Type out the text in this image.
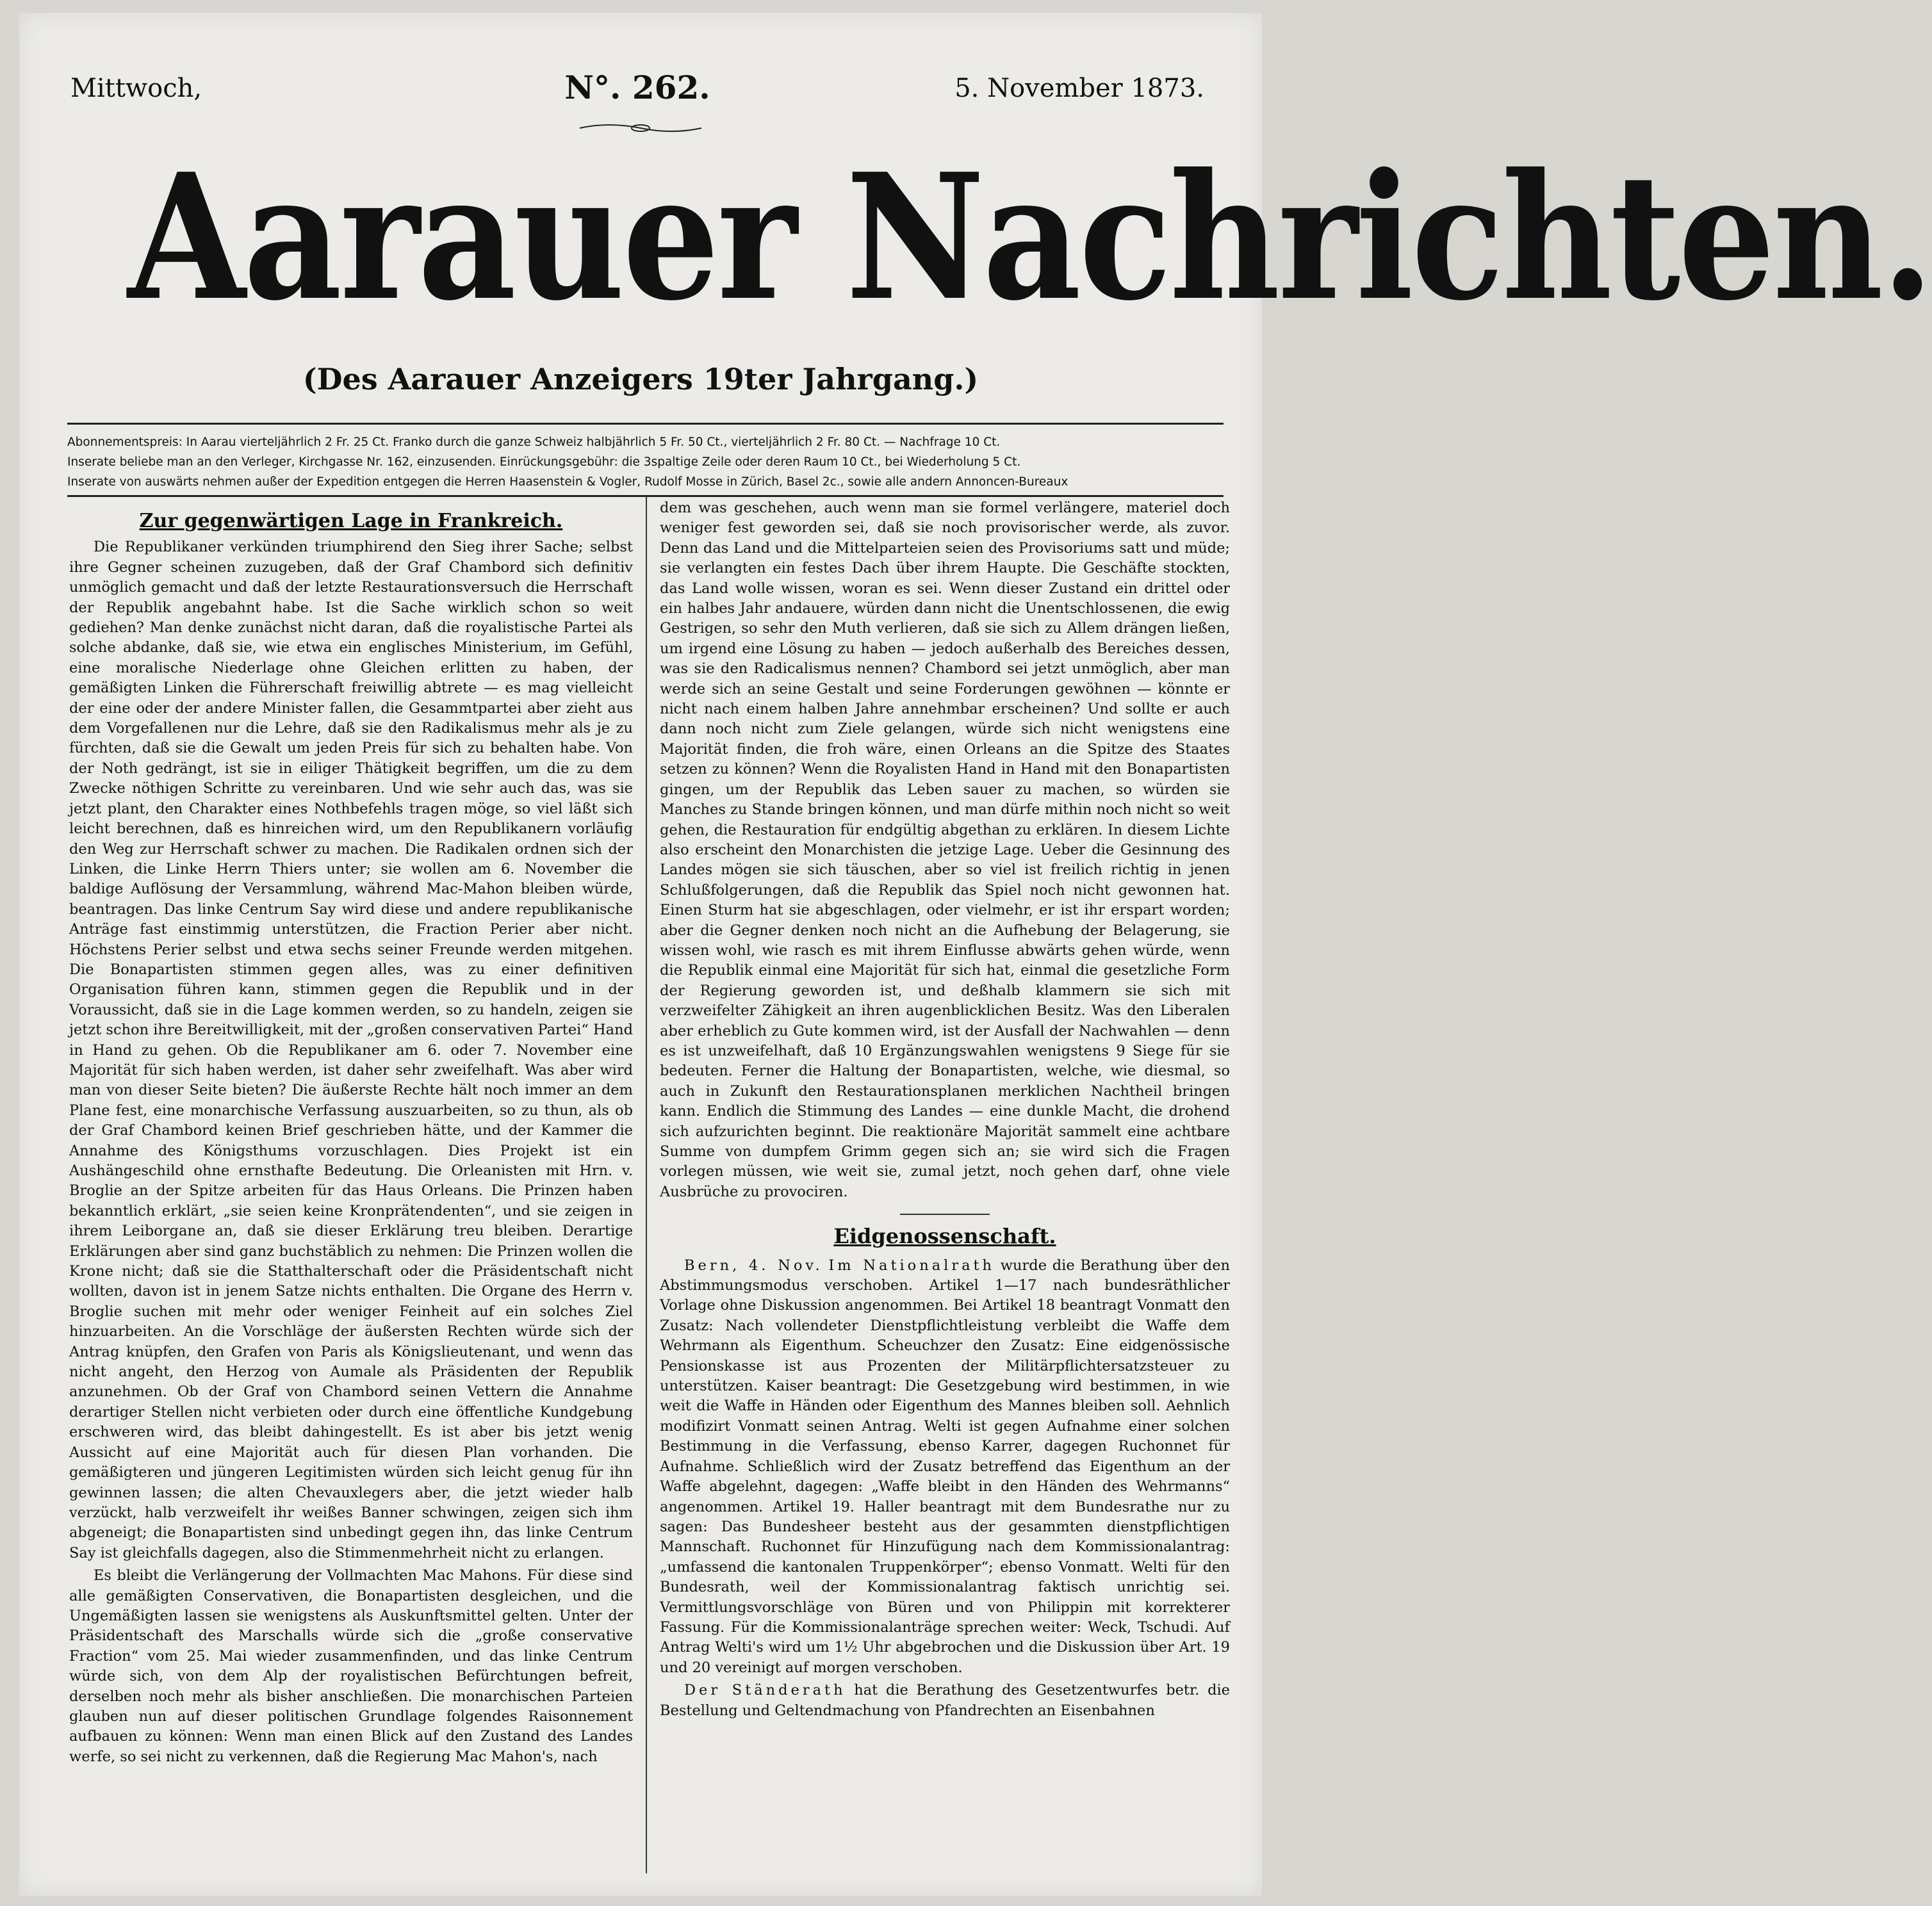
Mittwoch,	N°. 262.	5. November 1873.
Aarauer Nachrichten.
(Des Aarauer Anzeigers 19ter Jahrgang.)
Abonnementspreis: In Aarau vierteljährlich 2 Fr. 25 Ct. Franko durch die ganze Schweiz halbjährlich 5 Fr. 50 Ct., vierteljährlich 2 Fr. 80 Ct. — Nachfrage 10 Ct.
Inserate beliebe man an den Verleger, Kirchgasse Nr. 162, einzusenden. Einrückungsgebühr: die 3spaltige Zeile oder deren Raum 10 Ct., bei Wiederholung 5 Ct.
Inserate von auswärts nehmen außer der Expedition entgegen die Herren Haasenstein & Vogler, Rudolf Mosse in Zürich, Basel 2c., sowie alle andern Annoncen-Bureaux
Zur gegenwärtigen Lage in Frankreich.

Die Republikaner verkünden triumphirend den Sieg ihrer Sache; selbst ihre Gegner scheinen zuzugeben, daß der Graf Chambord sich definitiv unmöglich gemacht und daß der letzte Restaurationsversuch die Herrschaft der Republik angebahnt habe. Ist die Sache wirklich schon so weit gediehen? Man denke zunächst nicht daran, daß die royalistische Partei als solche abdanke, daß sie, wie etwa ein englisches Ministerium, im Gefühl, eine moralische Niederlage ohne Gleichen erlitten zu haben, der gemäßigten Linken die Führerschaft freiwillig abtrete — es mag vielleicht der eine oder der andere Minister fallen, die Gesammtpartei aber zieht aus dem Vorgefallenen nur die Lehre, daß sie den Radikalismus mehr als je zu fürchten, daß sie die Gewalt um jeden Preis für sich zu behalten habe. Von der Noth gedrängt, ist sie in eiliger Thätigkeit begriffen, um die zu dem Zwecke nöthigen Schritte zu vereinbaren. Und wie sehr auch das, was sie jetzt plant, den Charakter eines Nothbefehls tragen möge, so viel läßt sich leicht berechnen, daß es hinreichen wird, um den Republikanern vorläufig den Weg zur Herrschaft schwer zu machen. Die Radikalen ordnen sich der Linken, die Linke Herrn Thiers unter; sie wollen am 6. November die baldige Auflösung der Versammlung, während Mac-Mahon bleiben würde, beantragen. Das linke Centrum Say wird diese und andere republikanische Anträge fast einstimmig unterstützen, die Fraction Perier aber nicht. Höchstens Perier selbst und etwa sechs seiner Freunde werden mitgehen. Die Bonapartisten stimmen gegen alles, was zu einer definitiven Organisation führen kann, stimmen gegen die Republik und in der Voraussicht, daß sie in die Lage kommen werden, so zu handeln, zeigen sie jetzt schon ihre Bereitwilligkeit, mit der „großen conservativen Partei“ Hand in Hand zu gehen. Ob die Republikaner am 6. oder 7. November eine Majorität für sich haben werden, ist daher sehr zweifelhaft. Was aber wird man von dieser Seite bieten? Die äußerste Rechte hält noch immer an dem Plane fest, eine monarchische Verfassung auszuarbeiten, so zu thun, als ob der Graf Chambord keinen Brief geschrieben hätte, und der Kammer die Annahme des Königsthums vorzuschlagen. Dies Projekt ist ein Aushängeschild ohne ernsthafte Bedeutung. Die Orleanisten mit Hrn. v. Broglie an der Spitze arbeiten für das Haus Orleans. Die Prinzen haben bekanntlich erklärt, „sie seien keine Kronprätendenten“, und sie zeigen in ihrem Leiborgane an, daß sie dieser Erklärung treu bleiben. Derartige Erklärungen aber sind ganz buchstäblich zu nehmen: Die Prinzen wollen die Krone nicht; daß sie die Statthalterschaft oder die Präsidentschaft nicht wollten, davon ist in jenem Satze nichts enthalten. Die Organe des Herrn v. Broglie suchen mit mehr oder weniger Feinheit auf ein solches Ziel hinzuarbeiten. An die Vorschläge der äußersten Rechten würde sich der Antrag knüpfen, den Grafen von Paris als Königslieutenant, und wenn das nicht angeht, den Herzog von Aumale als Präsidenten der Republik anzunehmen. Ob der Graf von Chambord seinen Vettern die Annahme derartiger Stellen nicht verbieten oder durch eine öffentliche Kundgebung erschweren wird, das bleibt dahingestellt. Es ist aber bis jetzt wenig Aussicht auf eine Majorität auch für diesen Plan vorhanden. Die gemäßigteren und jüngeren Legitimisten würden sich leicht genug für ihn gewinnen lassen; die alten Chevauxlegers aber, die jetzt wieder halb verzückt, halb verzweifelt ihr weißes Banner schwingen, zeigen sich ihm abgeneigt; die Bonapartisten sind unbedingt gegen ihn, das linke Centrum Say ist gleichfalls dagegen, also die Stimmenmehrheit nicht zu erlangen.

Es bleibt die Verlängerung der Vollmachten Mac Mahons. Für diese sind alle gemäßigten Conservativen, die Bonapartisten desgleichen, und die Ungemäßigten lassen sie wenigstens als Auskunftsmittel gelten. Unter der Präsidentschaft des Marschalls würde sich die „große conservative Fraction“ vom 25. Mai wieder zusammenfinden, und das linke Centrum würde sich, von dem Alp der royalistischen Befürchtungen befreit, derselben noch mehr als bisher anschließen. Die monarchischen Parteien glauben nun auf dieser politischen Grundlage folgendes Raisonnement aufbauen zu können: Wenn man einen Blick auf den Zustand des Landes werfe, so sei nicht zu verkennen, daß die Regierung Mac Mahon's, nach

dem was geschehen, auch wenn man sie formel verlängere, materiel doch weniger fest geworden sei, daß sie noch provisorischer werde, als zuvor. Denn das Land und die Mittelparteien seien des Provisoriums satt und müde; sie verlangten ein festes Dach über ihrem Haupte. Die Geschäfte stockten, das Land wolle wissen, woran es sei. Wenn dieser Zustand ein drittel oder ein halbes Jahr andauere, würden dann nicht die Unentschlossenen, die ewig Gestrigen, so sehr den Muth verlieren, daß sie sich zu Allem drängen ließen, um irgend eine Lösung zu haben — jedoch außerhalb des Bereiches dessen, was sie den Radicalismus nennen? Chambord sei jetzt unmöglich, aber man werde sich an seine Gestalt und seine Forderungen gewöhnen — könnte er nicht nach einem halben Jahre annehmbar erscheinen? Und sollte er auch dann noch nicht zum Ziele gelangen, würde sich nicht wenigstens eine Majorität finden, die froh wäre, einen Orleans an die Spitze des Staates setzen zu können? Wenn die Royalisten Hand in Hand mit den Bonapartisten gingen, um der Republik das Leben sauer zu machen, so würden sie Manches zu Stande bringen können, und man dürfe mithin noch nicht so weit gehen, die Restauration für endgültig abgethan zu erklären. In diesem Lichte also erscheint den Monarchisten die jetzige Lage. Ueber die Gesinnung des Landes mögen sie sich täuschen, aber so viel ist freilich richtig in jenen Schlußfolgerungen, daß die Republik das Spiel noch nicht gewonnen hat. Einen Sturm hat sie abgeschlagen, oder vielmehr, er ist ihr erspart worden; aber die Gegner denken noch nicht an die Aufhebung der Belagerung, sie wissen wohl, wie rasch es mit ihrem Einflusse abwärts gehen würde, wenn die Republik einmal eine Majorität für sich hat, einmal die gesetzliche Form der Regierung geworden ist, und deßhalb klammern sie sich mit verzweifelter Zähigkeit an ihren augenblicklichen Besitz. Was den Liberalen aber erheblich zu Gute kommen wird, ist der Ausfall der Nachwahlen — denn es ist unzweifelhaft, daß 10 Ergänzungswahlen wenigstens 9 Siege für sie bedeuten. Ferner die Haltung der Bonapartisten, welche, wie diesmal, so auch in Zukunft den Restaurationsplanen merklichen Nachtheil bringen kann. Endlich die Stimmung des Landes — eine dunkle Macht, die drohend sich aufzurichten beginnt. Die reaktionäre Majorität sammelt eine achtbare Summe von dumpfem Grimm gegen sich an; sie wird sich die Fragen vorlegen müssen, wie weit sie, zumal jetzt, noch gehen darf, ohne viele Ausbrüche zu provociren.

Eidgenossenschaft.

Bern, 4. Nov. Im Nationalrath wurde die Berathung über den Abstimmungsmodus verschoben. Artikel 1—17 nach bundesräthlicher Vorlage ohne Diskussion angenommen. Bei Artikel 18 beantragt Vonmatt den Zusatz: Nach vollendeter Dienstpflichtleistung verbleibt die Waffe dem Wehrmann als Eigenthum. Scheuchzer den Zusatz: Eine eidgenössische Pensionskasse ist aus Prozenten der Militärpflichtersatzsteuer zu unterstützen. Kaiser beantragt: Die Gesetzgebung wird bestimmen, in wie weit die Waffe in Händen oder Eigenthum des Mannes bleiben soll. Aehnlich modifizirt Vonmatt seinen Antrag. Welti ist gegen Aufnahme einer solchen Bestimmung in die Verfassung, ebenso Karrer, dagegen Ruchonnet für Aufnahme. Schließlich wird der Zusatz betreffend das Eigenthum an der Waffe abgelehnt, dagegen: „Waffe bleibt in den Händen des Wehrmanns“ angenommen. Artikel 19. Haller beantragt mit dem Bundesrathe nur zu sagen: Das Bundesheer besteht aus der gesammten dienstpflichtigen Mannschaft. Ruchonnet für Hinzufügung nach dem Kommissionalantrag: „umfassend die kantonalen Truppenkörper“; ebenso Vonmatt. Welti für den Bundesrath, weil der Kommissionalantrag faktisch unrichtig sei. Vermittlungsvorschläge von Büren und von Philippin mit korrekterer Fassung. Für die Kommissionalanträge sprechen weiter: Weck, Tschudi. Auf Antrag Welti's wird um 1½ Uhr abgebrochen und die Diskussion über Art. 19 und 20 vereinigt auf morgen verschoben.

Der Ständerath hat die Berathung des Gesetzentwurfes betr. die Bestellung und Geltendmachung von Pfandrechten an Eisenbahnen
